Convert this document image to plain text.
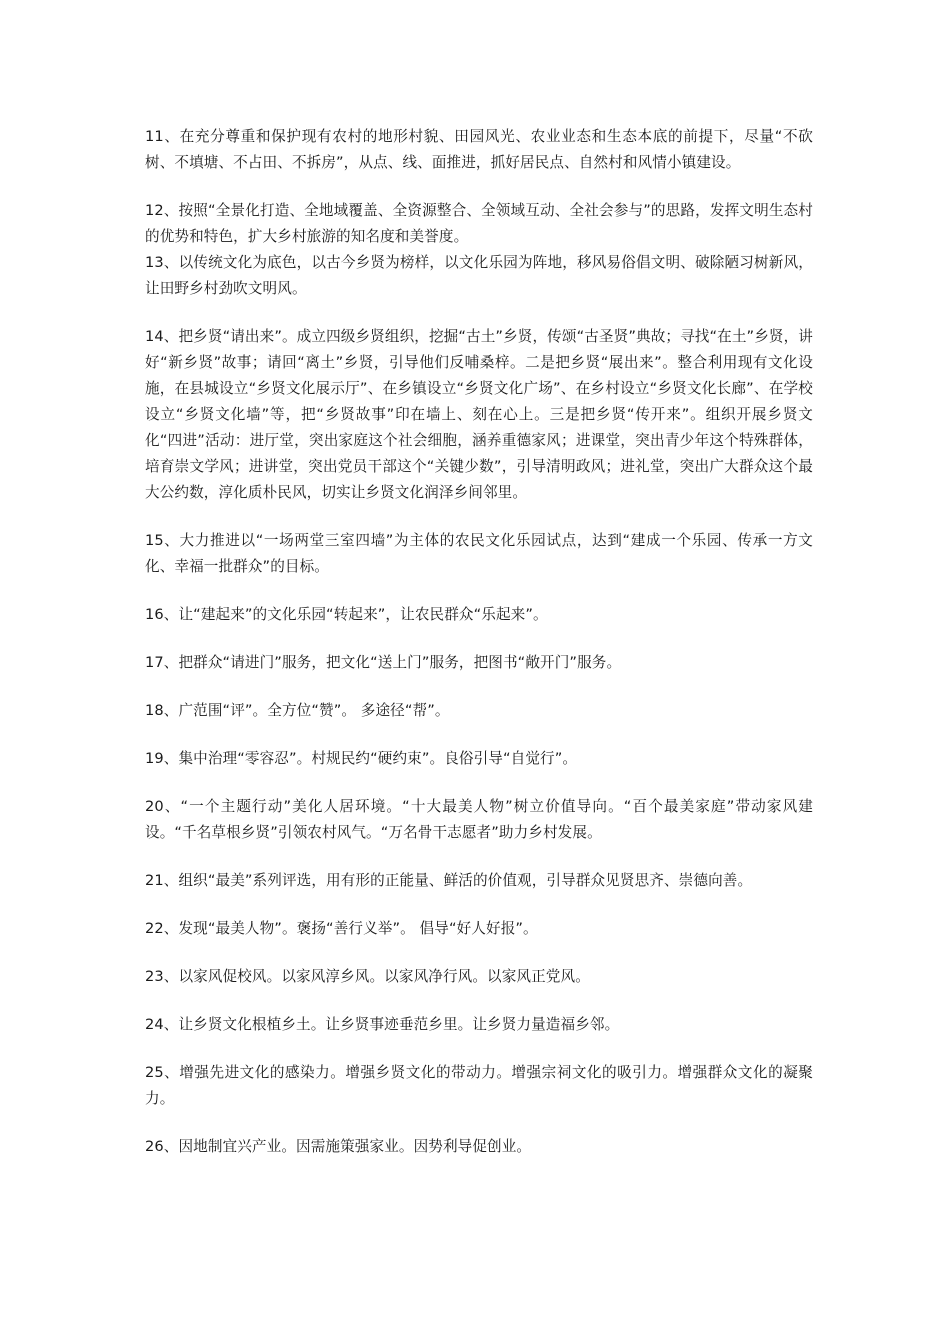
11、在充分尊重和保护现有农村的地形村貌、田园风光、农业业态和生态本底的前提下，尽量“不砍树、不填塘、不占田、不拆房”，从点、线、面推进，抓好居民点、自然村和风情小镇建设。

12、按照“全景化打造、全地域覆盖、全资源整合、全领域互动、全社会参与”的思路，发挥文明生态村的优势和特色，扩大乡村旅游的知名度和美誉度。

13、以传统文化为底色，以古今乡贤为榜样，以文化乐园为阵地，移风易俗倡文明、破除陋习树新风，让田野乡村劲吹文明风。

14、把乡贤“请出来”。成立四级乡贤组织，挖掘“古土”乡贤，传颂“古圣贤”典故；寻找“在土”乡贤，讲好“新乡贤”故事；请回“离土”乡贤，引导他们反哺桑梓。二是把乡贤“展出来”。整合利用现有文化设施，在县城设立“乡贤文化展示厅”、在乡镇设立“乡贤文化广场”、在乡村设立“乡贤文化长廊”、在学校设立“乡贤文化墙”等，把“乡贤故事”印在墙上、刻在心上。三是把乡贤“传开来”。组织开展乡贤文化“四进”活动：进厅堂，突出家庭这个社会细胞，涵养重德家风；进课堂，突出青少年这个特殊群体，培育崇文学风；进讲堂，突出党员干部这个“关键少数”，引导清明政风；进礼堂，突出广大群众这个最大公约数，淳化质朴民风，切实让乡贤文化润泽乡间邻里。

15、大力推进以“一场两堂三室四墙”为主体的农民文化乐园试点，达到“建成一个乐园、传承一方文化、幸福一批群众”的目标。

16、让“建起来”的文化乐园“转起来”，让农民群众“乐起来”。

17、把群众“请进门”服务，把文化“送上门”服务，把图书“敞开门”服务。

18、广范围“评”。全方位“赞”。 多途径“帮”。

19、集中治理“零容忍”。村规民约“硬约束”。良俗引导“自觉行”。

20、“一个主题行动”美化人居环境。“十大最美人物”树立价值导向。“百个最美家庭”带动家风建设。“千名草根乡贤”引领农村风气。“万名骨干志愿者”助力乡村发展。

21、组织“最美”系列评选，用有形的正能量、鲜活的价值观，引导群众见贤思齐、崇德向善。

22、发现“最美人物”。褒扬“善行义举”。 倡导“好人好报”。

23、以家风促校风。以家风淳乡风。以家风净行风。以家风正党风。

24、让乡贤文化根植乡土。让乡贤事迹垂范乡里。让乡贤力量造福乡邻。

25、增强先进文化的感染力。增强乡贤文化的带动力。增强宗祠文化的吸引力。增强群众文化的凝聚力。

26、因地制宜兴产业。因需施策强家业。因势利导促创业。
